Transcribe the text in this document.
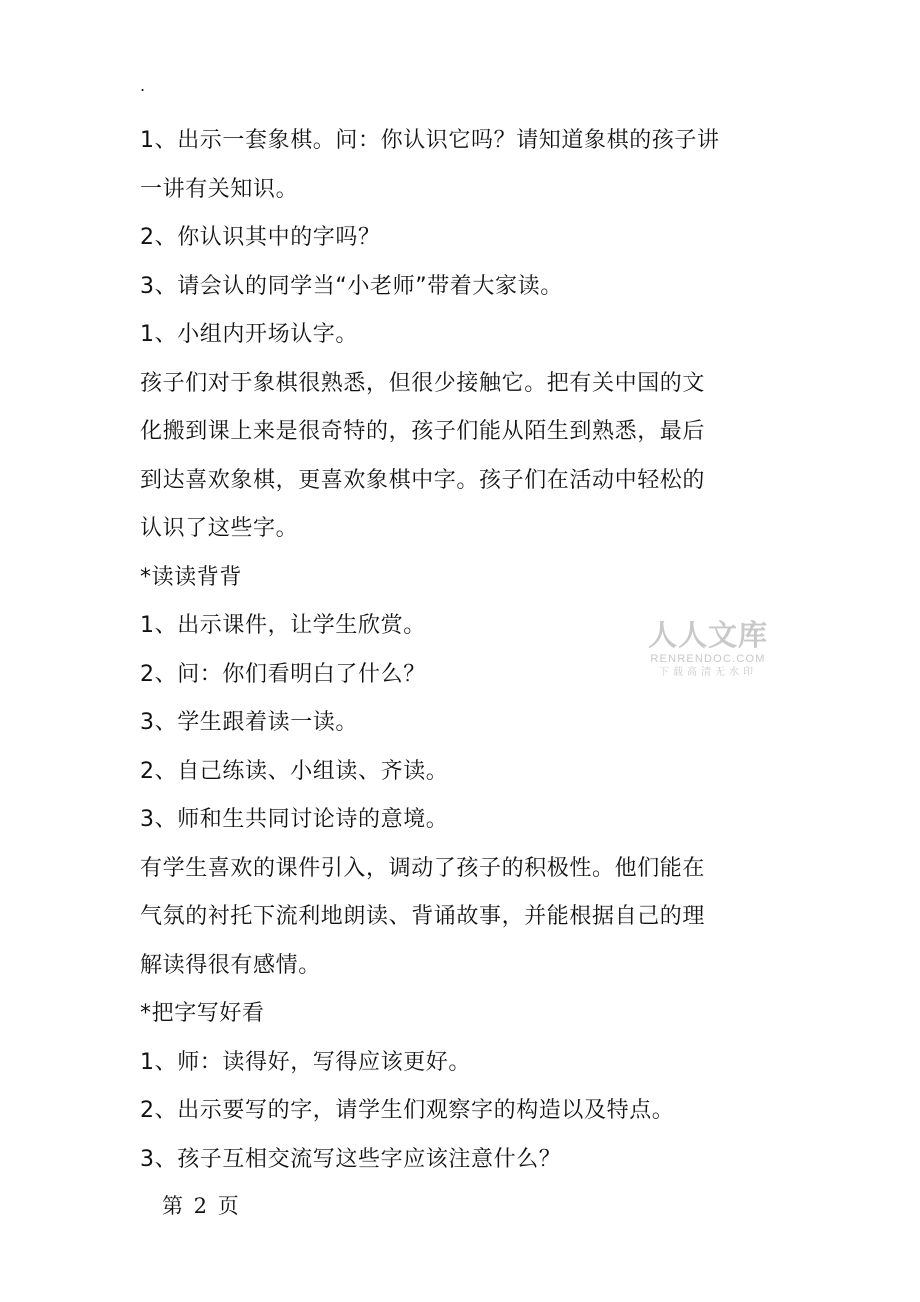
.
1、出示一套象棋。问：你认识它吗？请知道象棋的孩子讲
一讲有关知识。
2、你认识其中的字吗？
3、请会认的同学当“小老师”带着大家读。
1、小组内开场认字。
孩子们对于象棋很熟悉，但很少接触它。把有关中国的文
化搬到课上来是很奇特的，孩子们能从陌生到熟悉，最后
到达喜欢象棋，更喜欢象棋中字。孩子们在活动中轻松的
认识了这些字。
*读读背背
1、出示课件，让学生欣赏。
2、问：你们看明白了什么？
3、学生跟着读一读。
2、自己练读、小组读、齐读。
3、师和生共同讨论诗的意境。
有学生喜欢的课件引入，调动了孩子的积极性。他们能在
气氛的衬托下流利地朗读、背诵故事，并能根据自己的理
解读得很有感情。
*把字写好看
1、师：读得好，写得应该更好。
2、出示要写的字，请学生们观察字的构造以及特点。
3、孩子互相交流写这些字应该注意什么？
人人文库
RENRENDOC.COM
下载高清无水印
第 2 页
